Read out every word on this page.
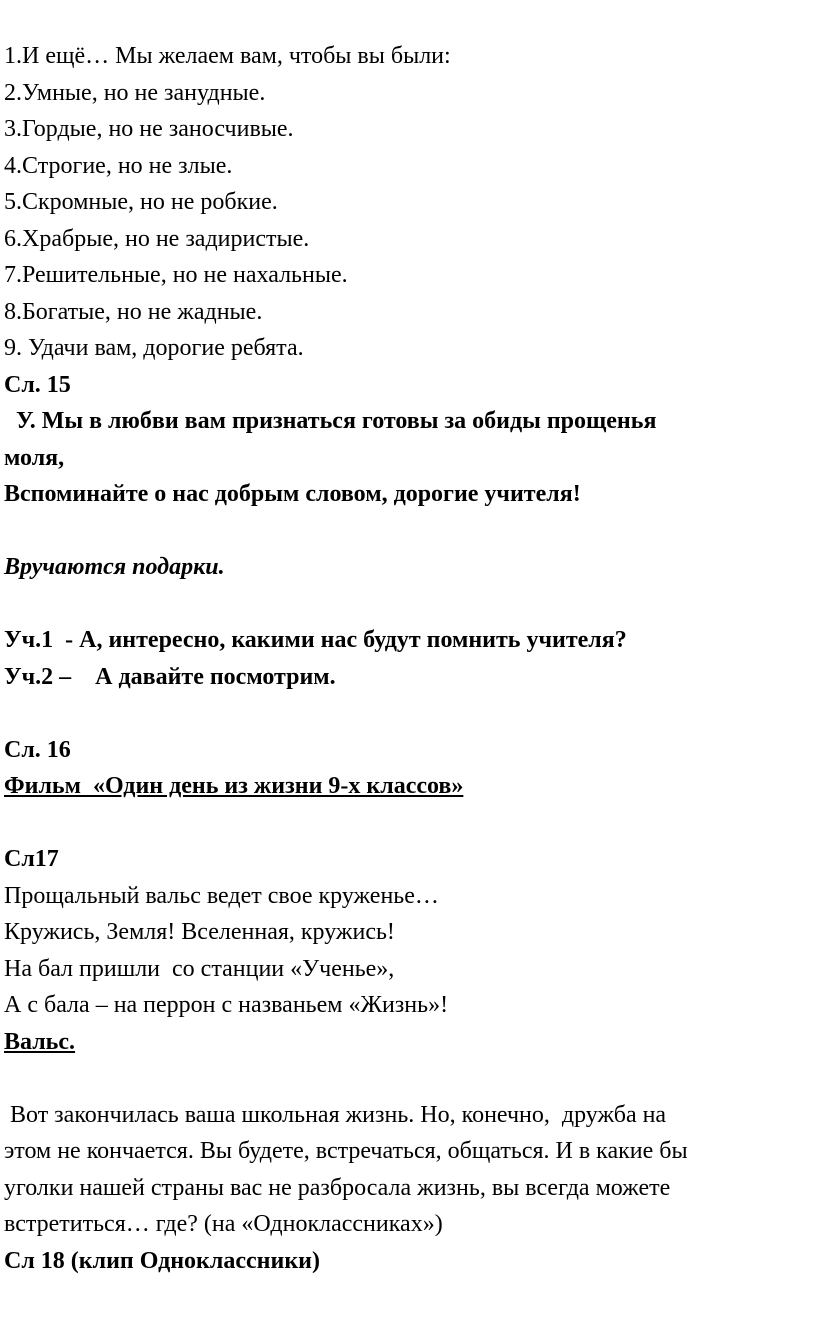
1.И ещё… Мы желаем вам, чтобы вы были:

2.Умные, но не занудные.

3.Гордые, но не заносчивые.

4.Строгие, но не злые.

5.Скромные, но не робкие.

6.Храбрые, но не задиристые.

7.Решительные, но не нахальные.

8.Богатые, но не жадные.

9. Удачи вам, дорогие ребята.

Сл. 15

У. Мы в любви вам признаться готовы за обиды прощенья

моля,

Вспоминайте о нас добрым словом, дорогие учителя!

Вручаются подарки.

Уч.1  - А, интересно, какими нас будут помнить учителя?

Уч.2 –    А давайте посмотрим.

Сл. 16

Фильм  «Один день из жизни 9-х классов»

Сл17

Прощальный вальс ведет свое круженье…

Кружись, Земля! Вселенная, кружись!

На бал пришли  со станции «Ученье»,

А с бала – на перрон с названьем «Жизнь»!

Вальс.

Вот закончилась ваша школьная жизнь. Но, конечно,  дружба на

этом не кончается. Вы будете, встречаться, общаться. И в какие бы

уголки нашей страны вас не разбросала жизнь, вы всегда можете

встретиться… где? (на «Одноклассниках»)

Сл 18 (клип Одноклассники)
